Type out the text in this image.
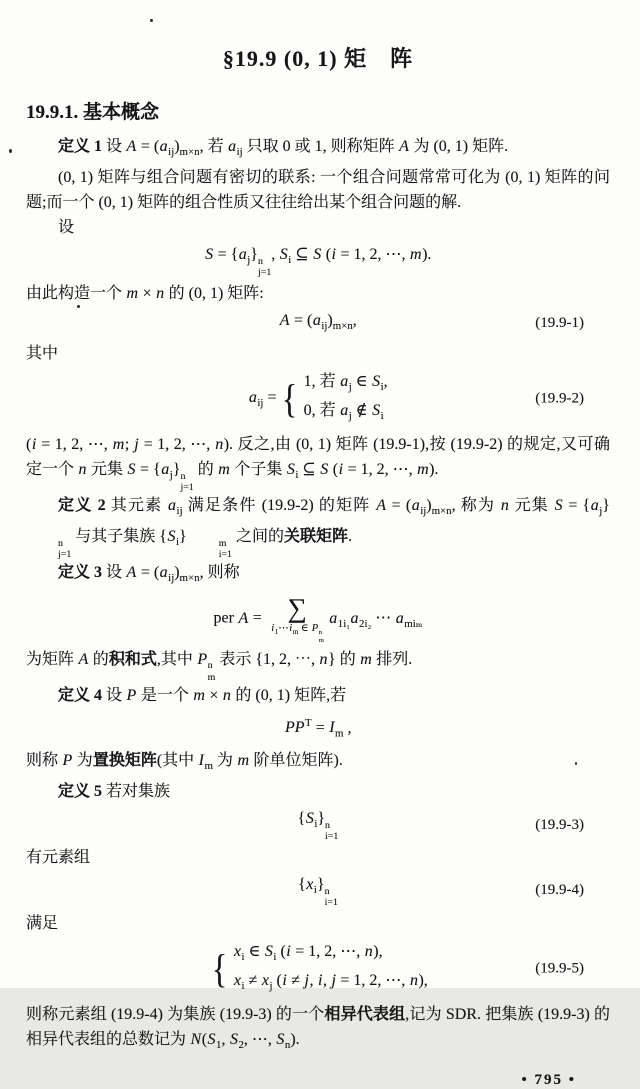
§19.9 (0, 1) 矩　阵
19.9.1. 基本概念

定义 1 设 $A = (a_{ij})_{m\times n}$, 若 $a_{ij}$ 只取 0 或 1, 则称矩阵 A 为 (0, 1) 矩阵.

(0, 1) 矩阵与组合问题有密切的联系: 一个组合问题常常可化为 (0, 1) 矩阵的问题;而一个 (0, 1) 矩阵的组合性质又往往给出某个组合问题的解.

设

$S = \{a_j\}$ n
j=1
, $S_i$ ⊆ S (i = 1, 2, ⋯, m).

由此构造一个 m × n 的 (0, 1) 矩阵:

$A = (a_{ij})_{m\times n}$,	(19.9-1)

其中

$a_{ij}$ = { 1, 若 $a_j$ ∈ $S_i$,
0, 若 $a_j$ ∉ $S_i$
(19.9-2)

(i = 1, 2, ⋯, m; j = 1, 2, ⋯, n). 反之,由 (0, 1) 矩阵 (19.9-1),按 (19.9-2) 的规定,又可确定一个 n 元集 $S = \{a_j\}$ n
j=1
的 m 个子集 $S_i$ ⊆ S (i = 1, 2, ⋯, m).

定义 2 其元素 $a_{ij}$ 满足条件 (19.9-2) 的矩阵 $A = (a_{ij})_{m\times n}$, 称为 n 元集 $S = \{a_j\}$
n
j=1
与其子集族 $\{S_i\}$	m
i=1
之间的关联矩阵.

定义 3 设 $A = (a_{ij})_{m\times n}$, 则称

per A = ∑
$i_1\cdots i_m$ ∈ P n
m
$a_{1i_1}a_{2i_2}$ ⋯ $a_{mi_m}$

为矩阵 A 的积和式,其中 P n
m
表示 {1, 2, ⋯, n} 的 m 排列.

定义 4 设 P 是一个 m × n 的 (0, 1) 矩阵,若

$PP^T = I_m$ ,

则称 P 为置换矩阵(其中 $I_m$ 为 m 阶单位矩阵).

定义 5 若对集族

$\{S_i\}$ n
i=1
(19.9-3)

有元素组

$\{x_i\}$ n
i=1
(19.9-4)

满足

{ $x_i$ ∈ $S_i$ (i = 1, 2, ⋯, n),
$x_i \ne x_j$ (i ≠ j, i, j = 1, 2, ⋯, n),
(19.9-5)

则称元素组 (19.9-4) 为集族 (19.9-3) 的一个相异代表组,记为 SDR. 把集族 (19.9-3) 的相异代表组的总数记为 $N(S_1$, $S_2$, ⋯, $S_n$).

• 795 •
